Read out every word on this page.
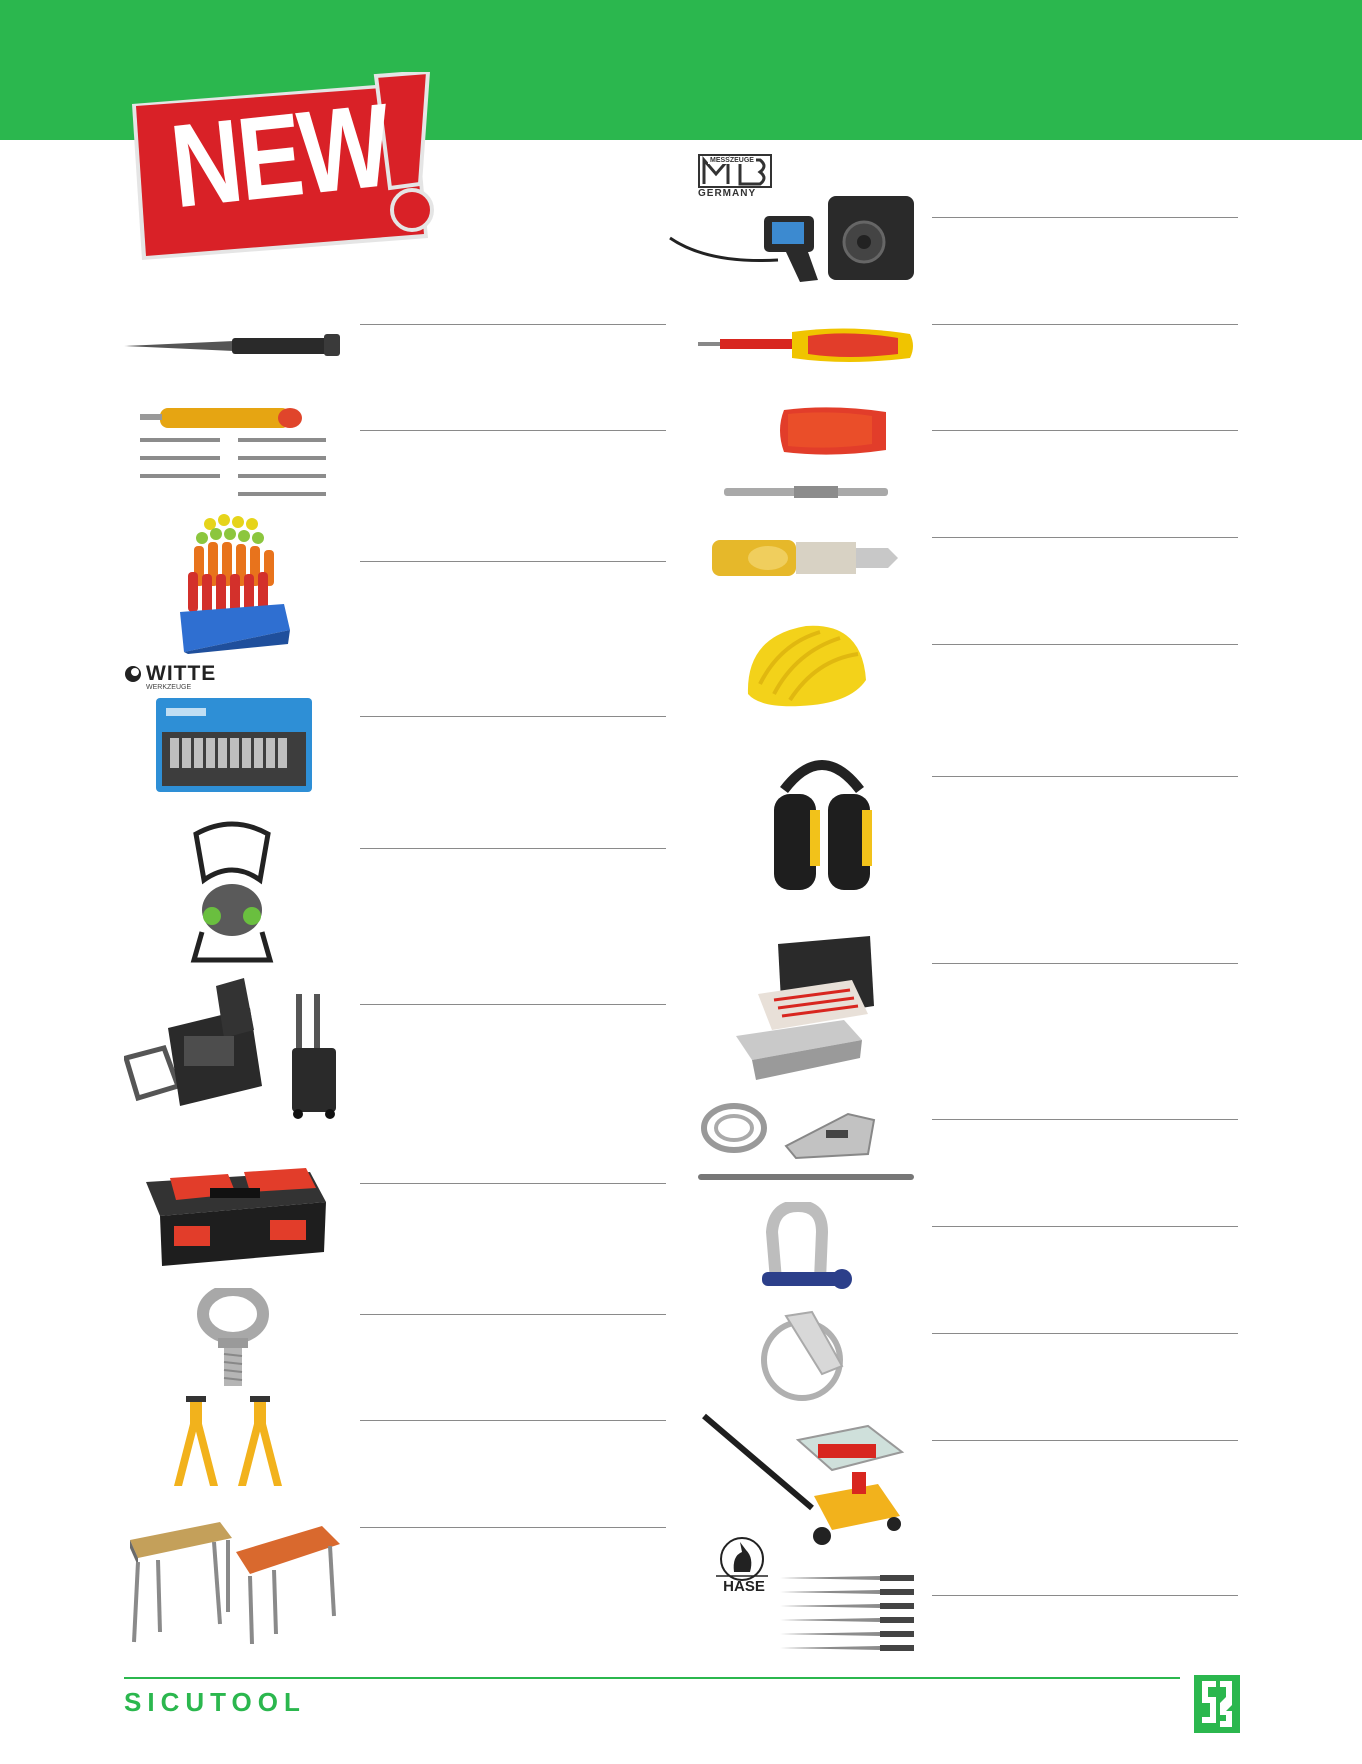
NEW
WITTE
WERKZEUGE
MESSZEUGE
GERMANY
HASE
SICUTOOL
